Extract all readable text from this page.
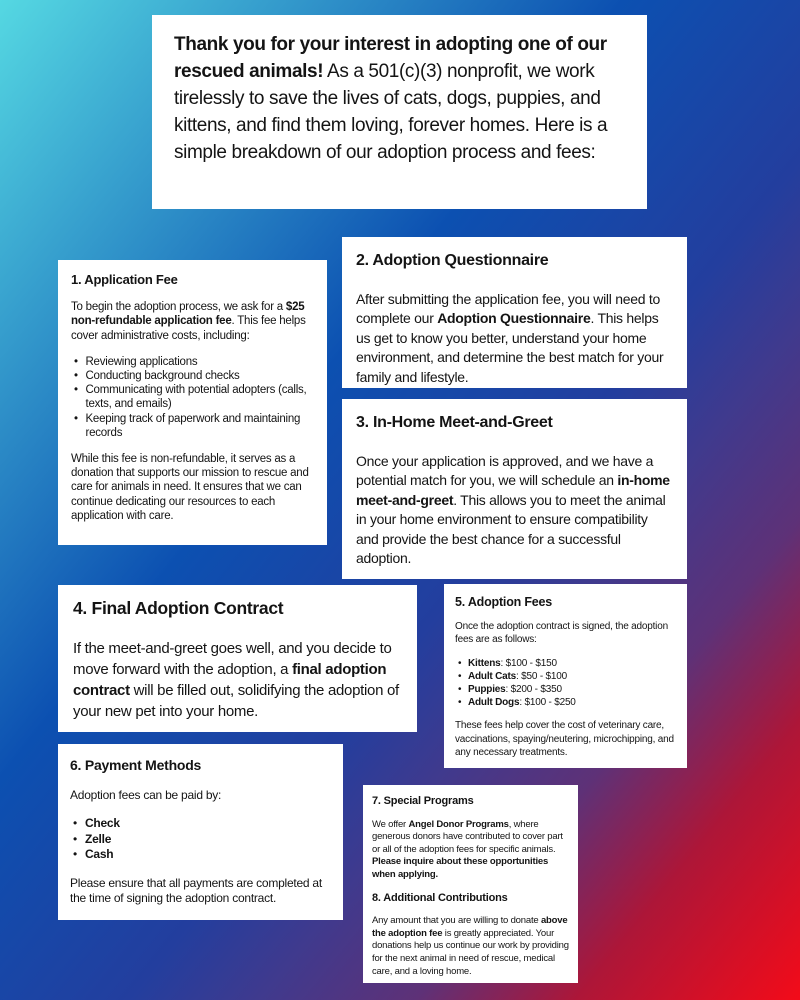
Thank you for your interest in adopting one of our rescued animals! As a 501(c)(3) nonprofit, we work tirelessly to save the lives of cats, dogs, puppies, and kittens, and find them loving, forever homes. Here is a simple breakdown of our adoption process and fees:
1. Application Fee
To begin the adoption process, we ask for a $25 non-refundable application fee. This fee helps cover administrative costs, including:
• Reviewing applications
• Conducting background checks
• Communicating with potential adopters (calls, texts, and emails)
• Keeping track of paperwork and maintaining records
While this fee is non-refundable, it serves as a donation that supports our mission to rescue and care for animals in need. It ensures that we can continue dedicating our resources to each application with care.
2. Adoption Questionnaire
After submitting the application fee, you will need to complete our Adoption Questionnaire. This helps us get to know you better, understand your home environment, and determine the best match for your family and lifestyle.
3. In-Home Meet-and-Greet
Once your application is approved, and we have a potential match for you, we will schedule an in-home meet-and-greet. This allows you to meet the animal in your home environment to ensure compatibility and provide the best chance for a successful adoption.
4. Final Adoption Contract
If the meet-and-greet goes well, and you decide to move forward with the adoption, a final adoption contract will be filled out, solidifying the adoption of your new pet into your home.
5. Adoption Fees
Once the adoption contract is signed, the adoption fees are as follows:
• Kittens: $100 - $150
• Adult Cats: $50 - $100
• Puppies: $200 - $350
• Adult Dogs: $100 - $250
These fees help cover the cost of veterinary care, vaccinations, spaying/neutering, microchipping, and any necessary treatments.
6. Payment Methods
Adoption fees can be paid by:
• Check
• Zelle
• Cash
Please ensure that all payments are completed at the time of signing the adoption contract.
7. Special Programs
We offer Angel Donor Programs, where generous donors have contributed to cover part or all of the adoption fees for specific animals. Please inquire about these opportunities when applying.
8. Additional Contributions
Any amount that you are willing to donate above the adoption fee is greatly appreciated. Your donations help us continue our work by providing for the next animal in need of rescue, medical care, and a loving home.
